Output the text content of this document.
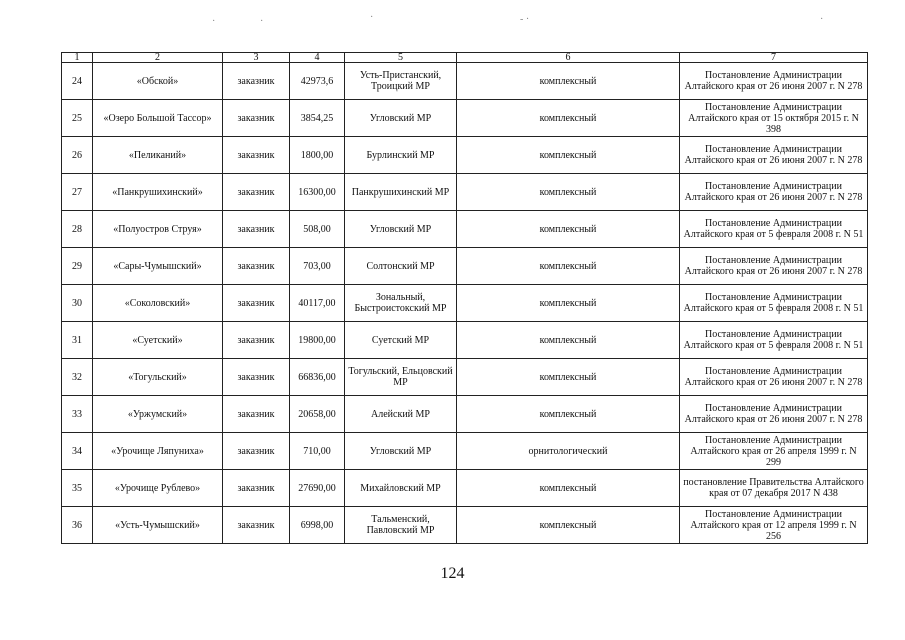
·	·	·	- ·	·
1	2	3	4	5	6	7
24	«Обской»	заказник	42973,6	Усть-Пристанский, Троицкий МР	комплексный	Постановление Администрации Алтайского края от 26 июня 2007 г. N 278
25	«Озеро Большой Тассор»	заказник	3854,25	Угловский МР	комплексный	Постановление Администрации Алтайского края от 15 октября 2015 г. N 398
26	«Пеликаний»	заказник	1800,00	Бурлинский МР	комплексный	Постановление Администрации Алтайского края от 26 июня 2007 г. N 278
27	«Панкрушихинский»	заказник	16300,00	Панкрушихинский МР	комплексный	Постановление Администрации Алтайского края от 26 июня 2007 г. N 278
28	«Полуостров Струя»	заказник	508,00	Угловский МР	комплексный	Постановление Администрации Алтайского края от 5 февраля 2008 г. N 51
29	«Сары-Чумышский»	заказник	703,00	Солтонский МР	комплексный	Постановление Администрации Алтайского края от 26 июня 2007 г. N 278
30	«Соколовский»	заказник	40117,00	Зональный, Быстроистокский МР	комплексный	Постановление Администрации Алтайского края от 5 февраля 2008 г. N 51
31	«Суетский»	заказник	19800,00	Суетский МР	комплексный	Постановление Администрации Алтайского края от 5 февраля 2008 г. N 51
32	«Тогульский»	заказник	66836,00	Тогульский, Ельцовский МР	комплексный	Постановление Администрации Алтайского края от 26 июня 2007 г. N 278
33	«Уржумский»	заказник	20658,00	Алейский МР	комплексный	Постановление Администрации Алтайского края от 26 июня 2007 г. N 278
34	«Урочище Ляпуниха»	заказник	710,00	Угловский МР	орнитологический	Постановление Администрации Алтайского края от 26 апреля 1999 г. N 299
35	«Урочище Рублево»	заказник	27690,00	Михайловский МР	комплексный	постановление Правительства Алтайского края от 07 декабря 2017 N 438
36	«Усть-Чумышский»	заказник	6998,00	Тальменский, Павловский МР	комплексный	Постановление Администрации Алтайского края от 12 апреля 1999 г. N 256
124
